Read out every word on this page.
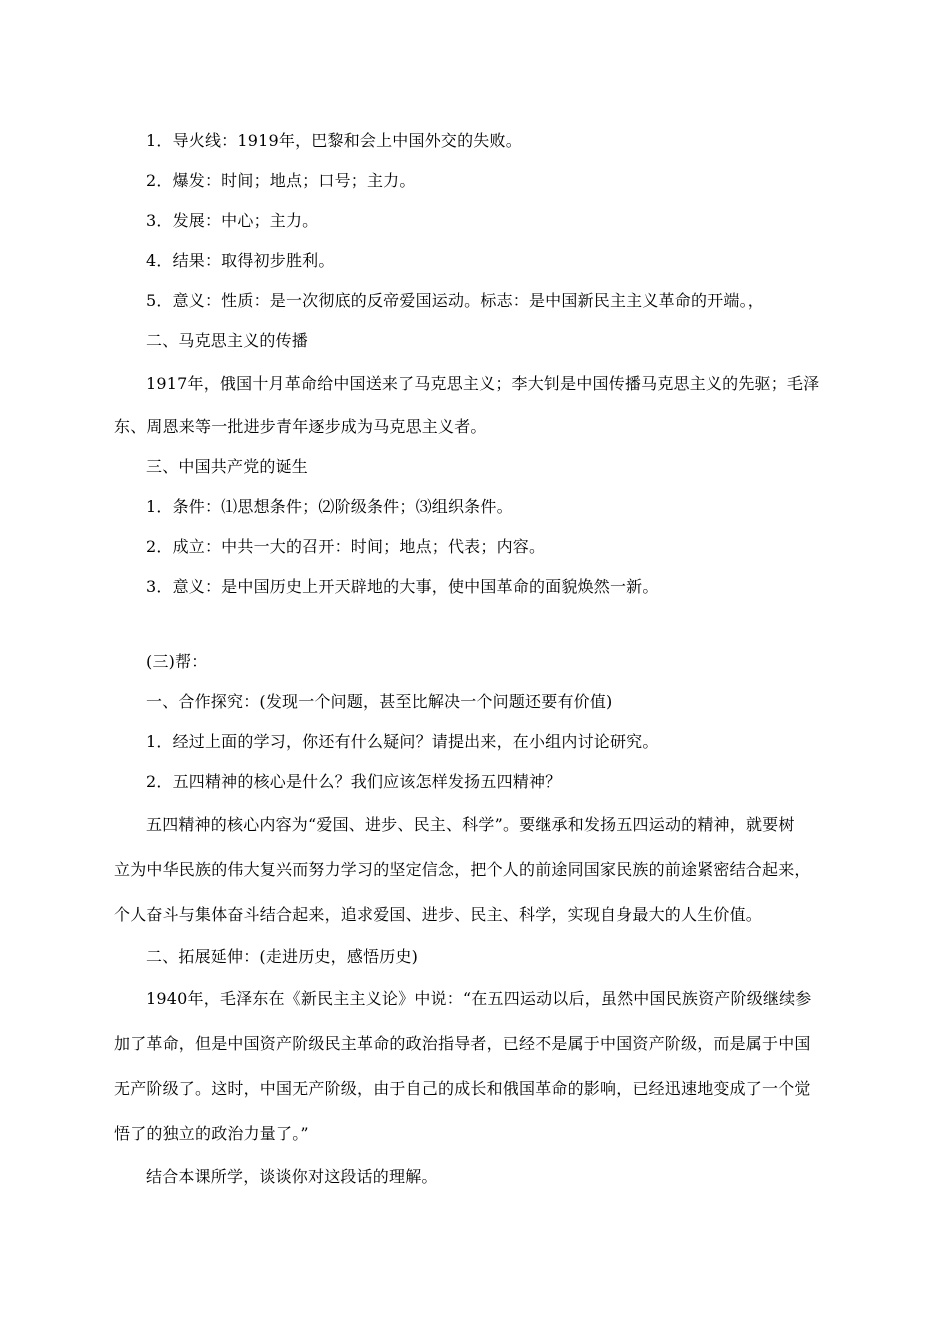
1．导火线：1919年，巴黎和会上中国外交的失败。
2．爆发：时间；地点；口号；主力。
3．发展：中心；主力。
4．结果：取得初步胜利。
5．意义：性质：是一次彻底的反帝爱国运动。标志：是中国新民主主义革命的开端。，
二、马克思主义的传播
1917年，俄国十月革命给中国送来了马克思主义；李大钊是中国传播马克思主义的先驱；毛泽
东、周恩来等一批进步青年逐步成为马克思主义者。
三、中国共产党的诞生
1．条件：⑴思想条件；⑵阶级条件；⑶组织条件。
2．成立：中共一大的召开：时间；地点；代表；内容。
3．意义：是中国历史上开天辟地的大事，使中国革命的面貌焕然一新。
(三)帮：
一、合作探究：(发现一个问题，甚至比解决一个问题还要有价值)
1．经过上面的学习，你还有什么疑问？请提出来，在小组内讨论研究。
2．五四精神的核心是什么？我们应该怎样发扬五四精神？
五四精神的核心内容为“爱国、进步、民主、科学”。要继承和发扬五四运动的精神，就要树
立为中华民族的伟大复兴而努力学习的坚定信念，把个人的前途同国家民族的前途紧密结合起来，
个人奋斗与集体奋斗结合起来，追求爱国、进步、民主、科学，实现自身最大的人生价值。
二、拓展延伸：(走进历史，感悟历史)
1940年，毛泽东在《新民主主义论》中说：“在五四运动以后，虽然中国民族资产阶级继续参
加了革命，但是中国资产阶级民主革命的政治指导者，已经不是属于中国资产阶级，而是属于中国
无产阶级了。这时，中国无产阶级，由于自己的成长和俄国革命的影响，已经迅速地变成了一个觉
悟了的独立的政治力量了。”
结合本课所学，谈谈你对这段话的理解。
